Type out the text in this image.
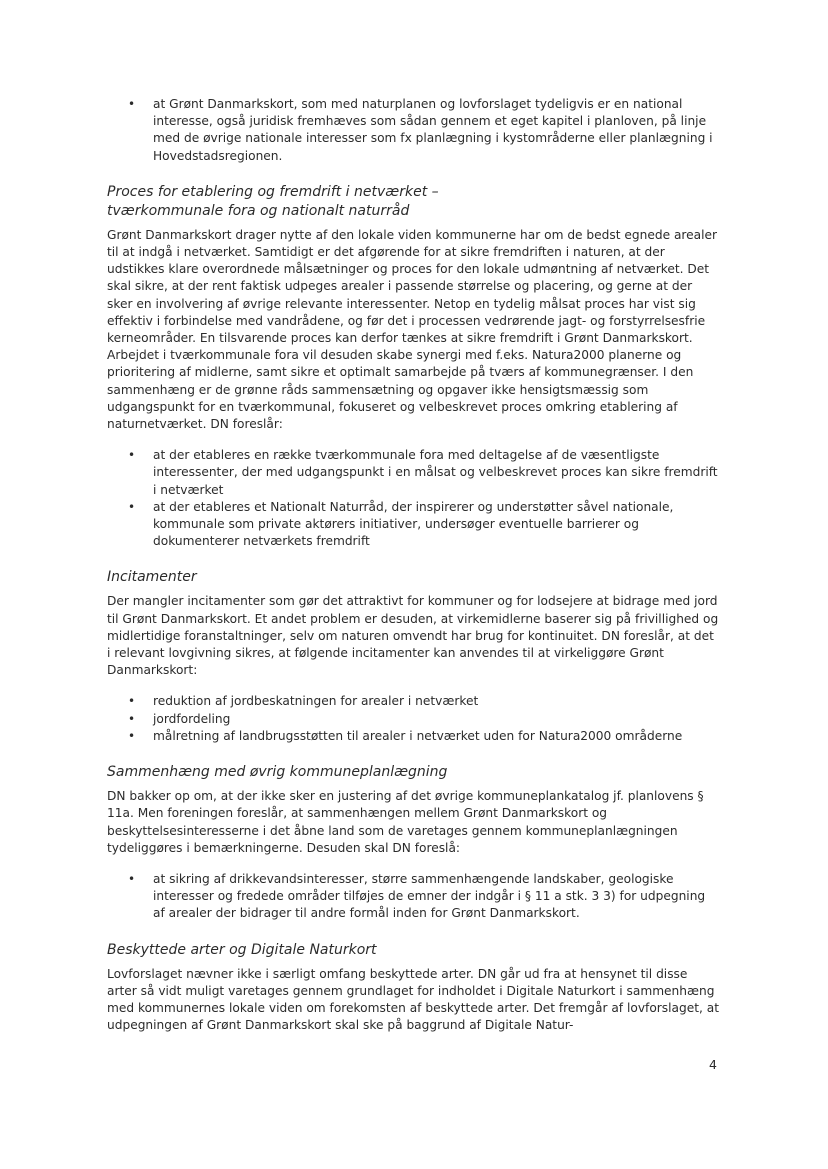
• at Grønt Danmarkskort, som med naturplanen og lovforslaget tydeligvis er en national interesse, også juridisk fremhæves som sådan gennem et eget kapitel i planloven, på linje med de øvrige nationale interesser som fx planlægning i kystområderne eller planlægning i Hovedstadsregionen.
Proces for etablering og fremdrift i netværket –
tværkommunale fora og nationalt naturråd

Grønt Danmarkskort drager nytte af den lokale viden kommunerne har om de bedst egnede arealer til at indgå i netværket. Samtidigt er det afgørende for at sikre fremdriften i naturen, at der udstikkes klare overordnede målsætninger og proces for den lokale udmøntning af netværket. Det skal sikre, at der rent faktisk udpeges arealer i passende størrelse og placering, og gerne at der sker en involvering af øvrige relevante interessenter. Netop en tydelig målsat proces har vist sig effektiv i forbindelse med vandrådene, og før det i processen vedrørende jagt- og forstyrrelsesfrie kerneområder. En tilsvarende proces kan derfor tænkes at sikre fremdrift i Grønt Danmarkskort. Arbejdet i tværkommunale fora vil desuden skabe synergi med f.eks. Natura2000 planerne og prioritering af midlerne, samt sikre et optimalt samarbejde på tværs af kommunegrænser. I den sammenhæng er de grønne råds sammensætning og opgaver ikke hensigtsmæssig som udgangspunkt for en tværkommunal, fokuseret og velbeskrevet proces omkring etablering af naturnetværket. DN foreslår:

• at der etableres en række tværkommunale fora med deltagelse af de væsentligste interessenter, der med udgangspunkt i en målsat og velbeskrevet proces kan sikre fremdrift i netværket
• at der etableres et Nationalt Naturråd, der inspirerer og understøtter såvel nationale, kommunale som private aktørers initiativer, undersøger eventuelle barrierer og dokumenterer netværkets fremdrift
Incitamenter

Der mangler incitamenter som gør det attraktivt for kommuner og for lodsejere at bidrage med jord til Grønt Danmarkskort. Et andet problem er desuden, at virkemidlerne baserer sig på frivillighed og midlertidige foranstaltninger, selv om naturen omvendt har brug for kontinuitet. DN foreslår, at det i relevant lovgivning sikres, at følgende incitamenter kan anvendes til at virkeliggøre Grønt Danmarkskort:

• reduktion af jordbeskatningen for arealer i netværket
• jordfordeling
• målretning af landbrugsstøtten til arealer i netværket uden for Natura2000 områderne
Sammenhæng med øvrig kommuneplanlægning

DN bakker op om, at der ikke sker en justering af det øvrige kommuneplankatalog jf. planlovens § 11a. Men foreningen foreslår, at sammenhængen mellem Grønt Danmarkskort og beskyttelsesinteresserne i det åbne land som de varetages gennem kommuneplanlægningen tydeliggøres i bemærkningerne. Desuden skal DN foreslå:

• at sikring af drikkevandsinteresser, større sammenhængende landskaber, geologiske interesser og fredede områder tilføjes de emner der indgår i § 11 a stk. 3 3) for udpegning af arealer der bidrager til andre formål inden for Grønt Danmarkskort.
Beskyttede arter og Digitale Naturkort

Lovforslaget nævner ikke i særligt omfang beskyttede arter. DN går ud fra at hensynet til disse arter så vidt muligt varetages gennem grundlaget for indholdet i Digitale Naturkort i sammenhæng med kommunernes lokale viden om forekomsten af beskyttede arter. Det fremgår af lovforslaget, at udpegningen af Grønt Danmarkskort skal ske på baggrund af Digitale Natur-

4
